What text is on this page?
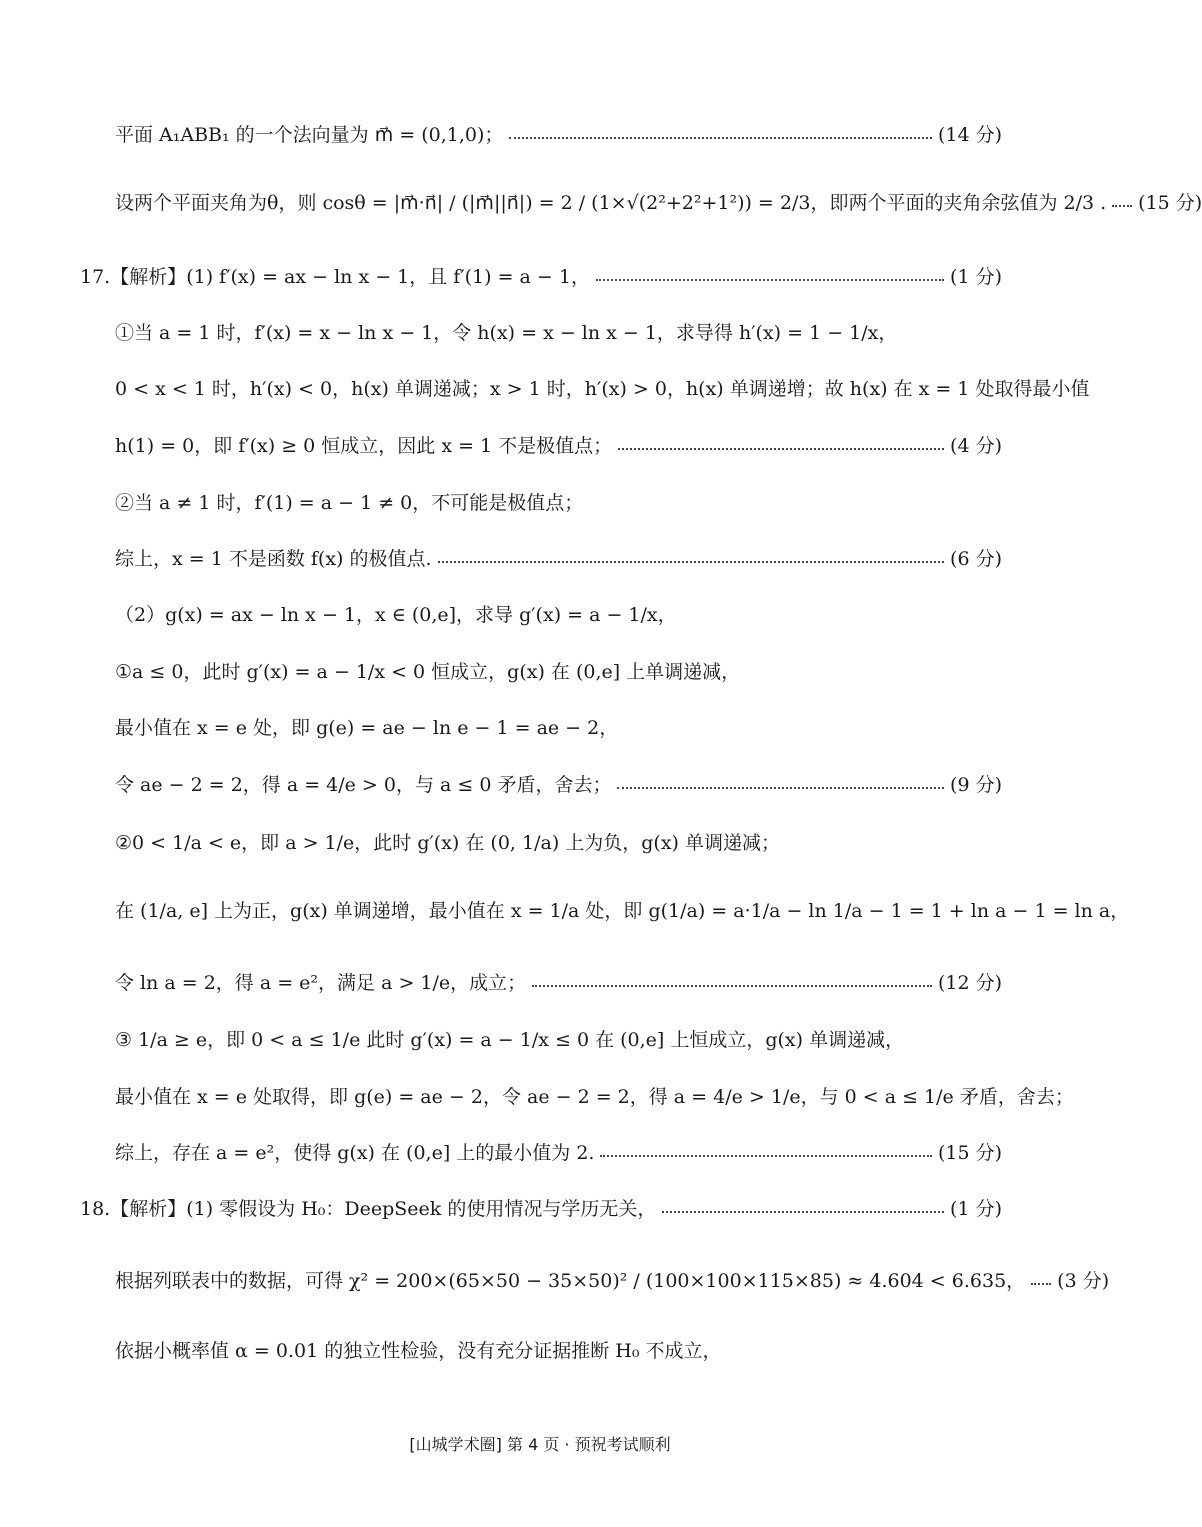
平面 A₁ABB₁ 的一个法向量为 m⃗ = (0,1,0)；	(14 分)
设两个平面夹角为θ，则 cosθ = |m⃗·n⃗| / (|m⃗||n⃗|) = 2 / (1×√(2²+2²+1²)) = 2/3，即两个平面的夹角余弦值为 2/3 . (15 分)
17.【解析】(1) f′(x) = ax − ln x − 1，且 f′(1) = a − 1，	(1 分)
①当 a = 1 时，f′(x) = x − ln x − 1，令 h(x) = x − ln x − 1，求导得 h′(x) = 1 − 1/x，
0 < x < 1 时，h′(x) < 0，h(x) 单调递减；x > 1 时，h′(x) > 0，h(x) 单调递增；故 h(x) 在 x = 1 处取得最小值
h(1) = 0，即 f′(x) ≥ 0 恒成立，因此 x = 1 不是极值点；	(4 分)
②当 a ≠ 1 时，f′(1) = a − 1 ≠ 0，不可能是极值点；
综上，x = 1 不是函数 f(x) 的极值点.	(6 分)
（2）g(x) = ax − ln x − 1，x ∈ (0,e]，求导 g′(x) = a − 1/x，
①a ≤ 0，此时 g′(x) = a − 1/x < 0 恒成立，g(x) 在 (0,e] 上单调递减，
最小值在 x = e 处，即 g(e) = ae − ln e − 1 = ae − 2，
令 ae − 2 = 2，得 a = 4/e > 0，与 a ≤ 0 矛盾，舍去；	(9 分)
②0 < 1/a < e，即 a > 1/e，此时 g′(x) 在 (0, 1/a) 上为负，g(x) 单调递减；
在 (1/a, e] 上为正，g(x) 单调递增，最小值在 x = 1/a 处，即 g(1/a) = a·1/a − ln 1/a − 1 = 1 + ln a − 1 = ln a，
令 ln a = 2，得 a = e²，满足 a > 1/e，成立；	(12 分)
③ 1/a ≥ e，即 0 < a ≤ 1/e 此时 g′(x) = a − 1/x ≤ 0 在 (0,e] 上恒成立，g(x) 单调递减，
最小值在 x = e 处取得，即 g(e) = ae − 2，令 ae − 2 = 2，得 a = 4/e > 1/e，与 0 < a ≤ 1/e 矛盾，舍去；
综上，存在 a = e²，使得 g(x) 在 (0,e] 上的最小值为 2.	(15 分)
18.【解析】(1) 零假设为 H₀：DeepSeek 的使用情况与学历无关，	(1 分)
根据列联表中的数据，可得 χ² = 200×(65×50 − 35×50)² / (100×100×115×85) ≈ 4.604 < 6.635， (3 分)
依据小概率值 α = 0.01 的独立性检验，没有充分证据推断 H₀ 不成立，
[山城学术圈] 第 4 页 · 预祝考试顺利
